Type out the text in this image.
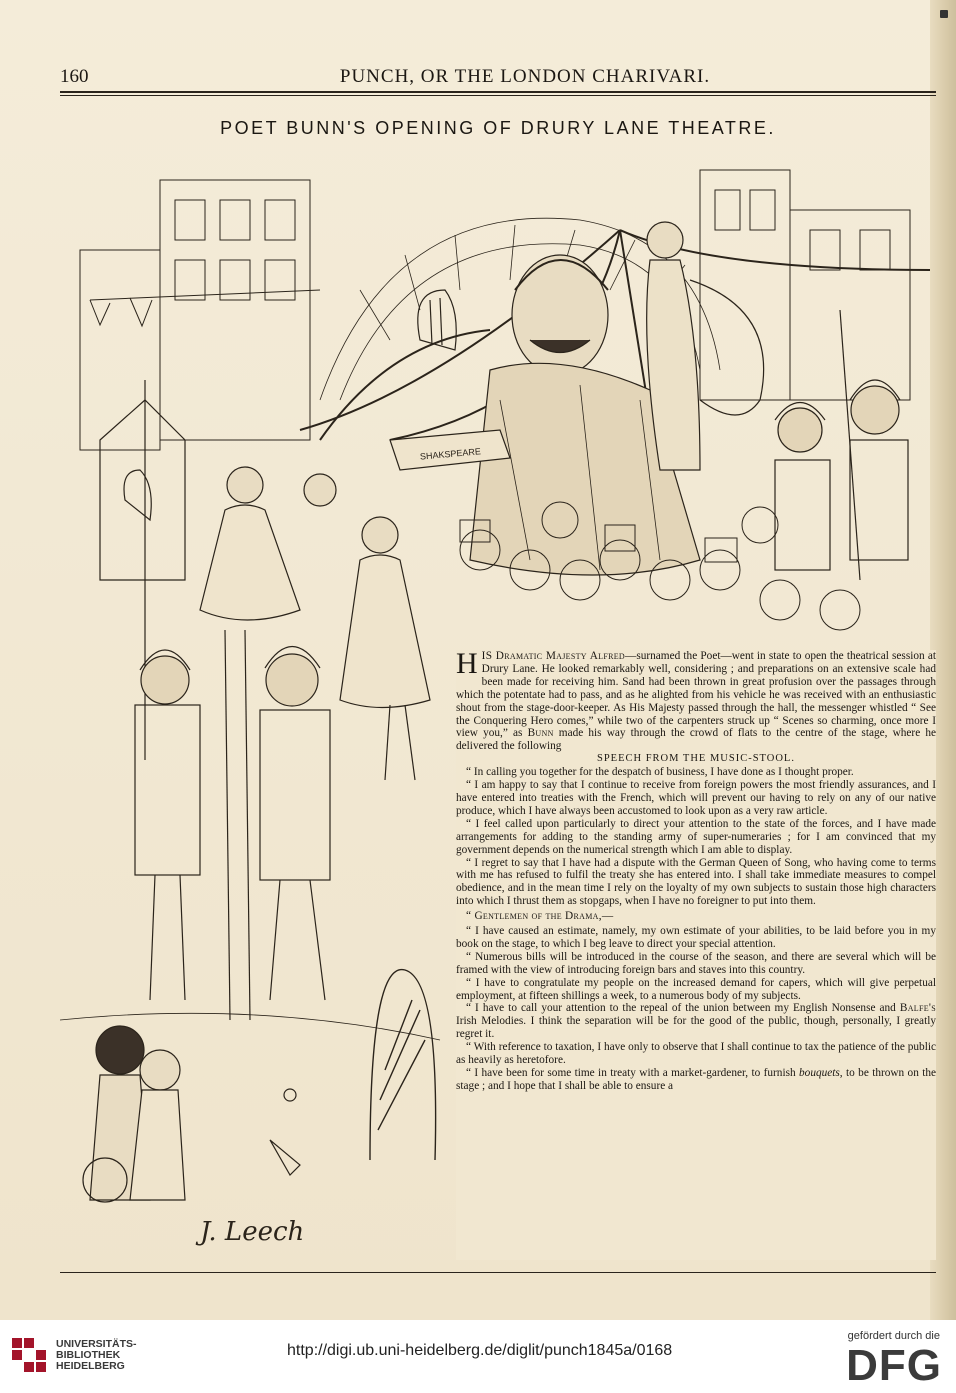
160	PUNCH, OR THE LONDON CHARIVARI.
POET BUNN'S OPENING OF DRURY LANE THEATRE.
SHAKSPEARE
J. Leech

HIS Dramatic Majesty Alfred—surnamed the Poet—went in state to open the theatrical session at Drury Lane. He looked remarkably well, considering ; and preparations on an extensive scale had been made for receiving him. Sand had been thrown in great profusion over the passages through which the potentate had to pass, and as he alighted from his vehicle he was received with an enthusiastic shout from the stage-door-keeper. As His Majesty passed through the hall, the messenger whistled “ See the Conquering Hero comes,” while two of the carpenters struck up “ Scenes so charming, once more I view you,” as Bunn made his way through the crowd of flats to the centre of the stage, where he delivered the following

SPEECH FROM THE MUSIC-STOOL.

“ In calling you together for the despatch of business, I have done as I thought proper.

“ I am happy to say that I continue to receive from foreign powers the most friendly assurances, and I have entered into treaties with the French, which will prevent our having to rely on any of our native produce, which I have always been accustomed to look upon as a very raw article.

“ I feel called upon particularly to direct your attention to the state of the forces, and I have made arrangements for adding to the standing army of super-numeraries ; for I am convinced that my government depends on the numerical strength which I am able to display.

“ I regret to say that I have had a dispute with the German Queen of Song, who having come to terms with me has refused to fulfil the treaty she has entered into. I shall take immediate measures to compel obedience, and in the mean time I rely on the loyalty of my own subjects to sustain those high characters into which I thrust them as stopgaps, when I have no foreigner to put into them.

“ Gentlemen of the Drama,—

“ I have caused an estimate, namely, my own estimate of your abilities, to be laid before you in my book on the stage, to which I beg leave to direct your special attention.

“ Numerous bills will be introduced in the course of the season, and there are several which will be framed with the view of introducing foreign bars and staves into this country.

“ I have to congratulate my people on the increased demand for capers, which will give perpetual employment, at fifteen shillings a week, to a numerous body of my subjects.

“ I have to call your attention to the repeal of the union between my English Nonsense and Balfe's Irish Melodies. I think the separation will be for the good of the public, though, personally, I greatly regret it.

“ With reference to taxation, I have only to observe that I shall continue to tax the patience of the public as heavily as heretofore.

“ I have been for some time in treaty with a market-gardener, to furnish bouquets, to be thrown on the stage ; and I hope that I shall be able to ensure a

UNIVERSITÄTS-
BIBLIOTHEK
HEIDELBERG
http://digi.ub.uni-heidelberg.de/diglit/punch1845a/0168
gefördert durch die
DFG
